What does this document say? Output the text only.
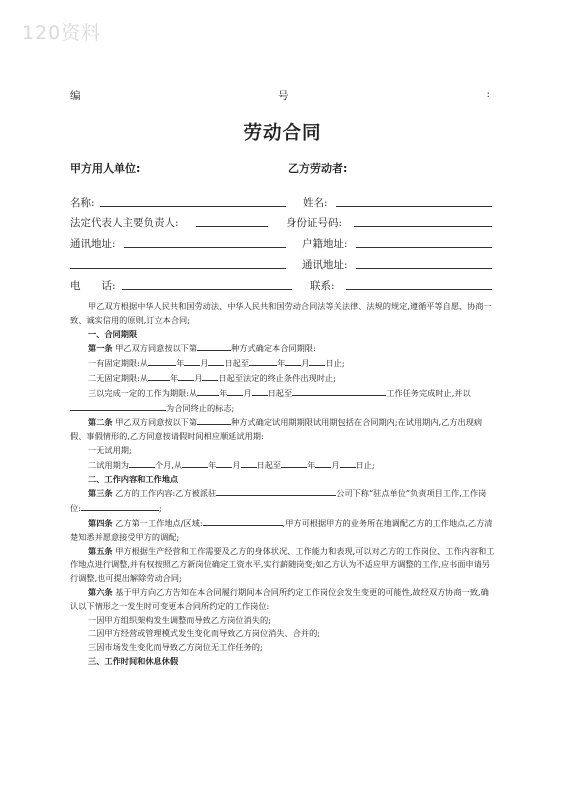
120资料
编	号	:
劳动合同
甲方用人单位:	乙方劳动者:
名称:	姓名:
法定代表人主要负责人:	身份证号码:
通讯地址:	户籍地址:
通讯地址:
电　　话:	联系:

甲乙双方根据中华人民共和国劳动法、中华人民共和国劳动合同法等关法律、法规的规定,遵循平等自愿、协商一致、诚实信用的原则,订立本合同;

一、合同期限

第一条 甲乙双方同意按以下第	种方式确定本合同期限:

一有固定期限:从	年 月 日起至	年 月 日止;

二无固定期限:从	年 月 日起至法定的终止条件出现时止;

三以完成一定的工作为期限:从	年 月 日起至	工作任务完成时止,并以为合同终止的标志;

第二条 甲乙双方同意按以下第	种方式确定试用期期限试用期包括在合同期内;在试用期内,乙方出现病假、事假情形的,乙方同意按请假时间相应顺延试用期:

一无试用期;

二试用期为	个月,从	年 月 日起至	年 月 日止;

二、工作内容和工作地点

第三条 乙方的工作内容:乙方被派驻	公司下称“驻点单位”负责项目工作,工作岗位:	;

第四条 乙方第一工作地点/区域:	,甲方可根据甲方的业务所在地调配乙方的工作地点,乙方清楚知悉并愿意接受甲方的调配;

第五条 甲方根据生产经营和工作需要及乙方的身体状况、工作能力和表现,可以对乙方的工作岗位、工作内容和工作地点进行调整,并有权按照乙方新岗位确定工资水平,实行薪随岗变;如乙方认为不适应甲方调整的工作,应书面申请另行调整,也可提出解除劳动合同;

第六条 基于甲方向乙方告知在本合同履行期间本合同所约定工作岗位会发生变更的可能性,故经双方协商一致,确认以下情形之一发生时可变更本合同所约定的工作岗位:

一因甲方组织架构发生调整而导致乙方岗位消失的;

二因甲方经营或管理模式发生变化而导致乙方岗位消失、合并的;

三因市场发生变化而导致乙方岗位无工作任务的;

三、工作时间和休息休假
